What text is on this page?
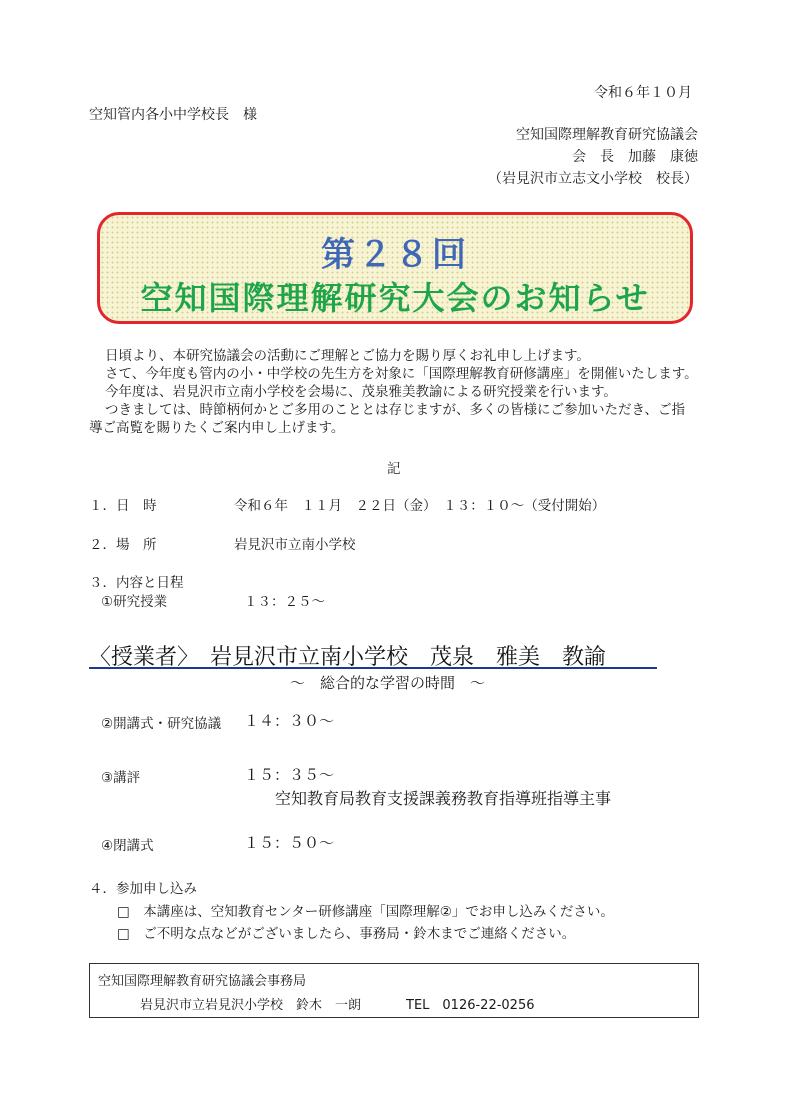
令和６年１０月
空知管内各小中学校長　様
空知国際理解教育研究協議会
会　長　加藤　康徳
（岩見沢市立志文小学校　校長）
第２８回
空知国際理解研究大会のお知らせ
日頃より、本研究協議会の活動にご理解とご協力を賜り厚くお礼申し上げます。
さて、今年度も管内の小・中学校の先生方を対象に「国際理解教育研修講座」を開催いたします。
今年度は、岩見沢市立南小学校を会場に、茂泉雅美教諭による研究授業を行います。
つきましては、時節柄何かとご多用のこととは存じますが、多くの皆様にご参加いただき、ご指
導ご高覧を賜りたくご案内申し上げます。
記
１．日　時	令和６年　１１月　２２日（金）　１３：１０～（受付開始）
２．場　所	岩見沢市立南小学校
３．内容と日程
①研究授業	１３：２５～
〈授業者〉　岩見沢市立南小学校　茂泉　雅美　教諭
～　総合的な学習の時間　～
②開講式・研究協議 １４：３０～
③講評	１５：３５～
空知教育局教育支援課義務教育指導班指導主事
④閉講式	１５：５０～
４．参加申し込み
□　本講座は、空知教育センター研修講座「国際理解②」でお申し込みください。
□　ご不明な点などがございましたら、事務局・鈴木までご連絡ください。
空知国際理解教育研究協議会事務局
岩見沢市立岩見沢小学校　鈴木　一朗	TEL　0126-22-0256
